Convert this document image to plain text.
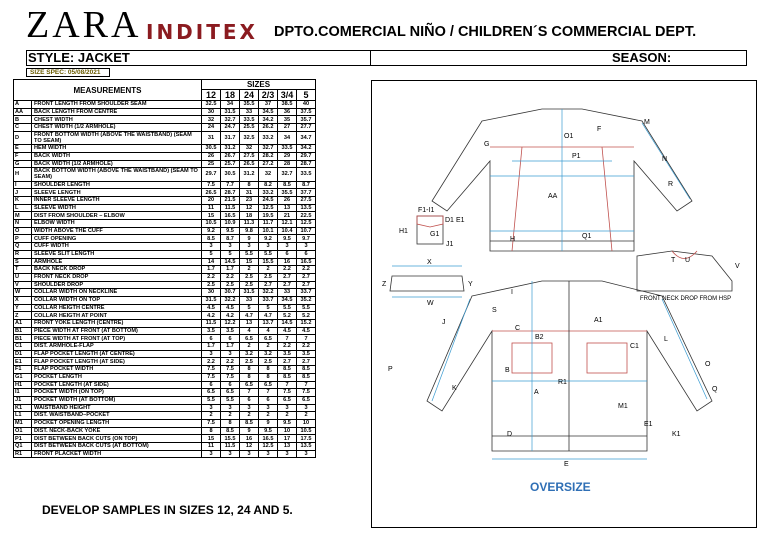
ZARA INDITEX DPTO.COMERCIAL NIÑO / CHILDREN´S COMMERCIAL DEPT.
STYLE: JACKET	SEASON:
SIZE SPEC: 05/08/2021
MEASUREMENTS		SIZES					
		12	18	24	2/3	3/4	5
A	FRONT LENGTH FROM SHOULDER SEAM	32.5	34	35.5	37	38.5	40
AA	BACK LENGTH FROM CENTRE	30	31.5	33	34.5	36	37.5
B	CHEST WIDTH	32	32.7	33.5	34.2	35	35.7
C	CHEST WIDTH (1/2 ARMHOLE)	24	24.7	25.5	26.2	27	27.7
D	FRONT BOTTOM WIDTH (ABOVE THE WAISTBAND) (SEAM TO SEAM)	31	31.7	32.5	33.2	34	34.7
E	HEM WIDTH	30.5	31.2	32	32.7	33.5	34.2
F	BACK WIDTH	26	26.7	27.5	28.2	29	29.7
G	BACK WIDTH (1/2 ARMHOLE)	25	25.7	26.5	27.2	28	28.7
H	BACK BOTTOM WIDTH (ABOVE THE WAISTBAND) (SEAM TO SEAM)	29.7	30.5	31.2	32	32.7	33.5
I	SHOULDER LENGTH	7.5	7.7	8	8.2	8.5	8.7
J	SLEEVE LENGTH	26.5	28.7	31	33.2	35.5	37.7
K	INNER SLEEVE LENGTH	20	21.5	23	24.5	26	27.5
L	SLEEVE WIDTH	11	11.5	12	12.5	13	13.5
M	DIST FROM SHOULDER – ELBOW	15	16.5	18	19.5	21	22.5
N	ELBOW WIDTH	10.5	10.9	11.3	11.7	12.1	12.5
O	WIDTH ABOVE THE CUFF	9.2	9.5	9.8	10.1	10.4	10.7
P	CUFF OPENING	8.5	8.7	9	9.2	9.5	9.7
Q	CUFF WIDTH	3	3	3	3	3	3
R	SLEEVE SLIT LENGTH	5	5	5.5	5.5	6	6
S	ARMHOLE	14	14.5	15	15.5	16	16.5
T	BACK NECK DROP	1.7	1.7	2	2	2.2	2.2
U	FRONT NECK DROP	2.2	2.2	2.5	2.5	2.7	2.7
V	SHOULDER DROP	2.5	2.5	2.5	2.7	2.7	2.7
W	COLLAR WIDTH ON NECKLINE	30	30.7	31.5	32.2	33	33.7
X	COLLAR WIDTH ON TOP	31.5	32.2	33	33.7	34.5	35.2
Y	COLLAR HEIGTH CENTRE	4.5	4.5	5	5	5.5	5.5
Z	COLLAR HEIGTH AT POINT	4.2	4.2	4.7	4.7	5.2	5.2
A1	FRONT YOKE LENGTH (CENTRE)	11.5	12.2	13	13.7	14.5	15.2
B1	PIECE WIDTH AT FRONT (AT BOTTOM)	3.5	3.5	4	4	4.5	4.5
B1	PIECE WIDTH AT FRONT (AT TOP)	6	6	6.5	6.5	7	7
C1	DIST. ARMHOLE-FLAP	1.7	1.7	2	2	2.2	2.2
D1	FLAP POCKET LENGTH (AT CENTRE)	3	3	3.2	3.2	3.5	3.5
E1	FLAP POCKET LENGTH (AT SIDE)	2.2	2.2	2.5	2.5	2.7	2.7
F1	FLAP POCKET WIDTH	7.5	7.5	8	8	8.5	8.5
G1	POCKET LENGTH	7.5	7.5	8	8	8.5	8.5
H1	POCKET LENGTH (AT SIDE)	6	6	6.5	6.5	7	7
I1	POCKET WIDTH (ON TOP)	6.5	6.5	7	7	7.5	7.5
J1	POCKET WIDTH (AT BOTTOM)	5.5	5.5	6	6	6.5	6.5
K1	WAISTBAND HEIGHT	3	3	3	3	3	3
L1	DIST. WAISTBAND–POCKET	2	2	2	2	2	2
M1	POCKET OPENING LENGTH	7.5	8	8.5	9	9.5	10
O1	DIST. NECK-BACK YOKE	8	8.5	9	9.5	10	10.5
P1	DIST BETWEEN BACK CUTS (ON TOP)	15	15.5	16	16.5	17	17.5
Q1	DIST BETWEEN BACK CUTS (AT BOTTOM)	11	11.5	12	12.5	13	13.5
R1	FRONT PLACKET WIDTH	3	3	3	3	3	3
DEVELOP SAMPLES IN SIZES 12, 24 AND 5.
M
O1
F
G
P1	N
R
AA
H	Q1
F1-I1
D1 E1
H1	G1
J1
X
Z	Y
W
T U
V
I
S
J
C
B2
A1
L
C1
B
P
R1
A
M1
O
Q
K
E1
K1
D
E
FRONT NECK DROP FROM HSP
OVERSIZE
